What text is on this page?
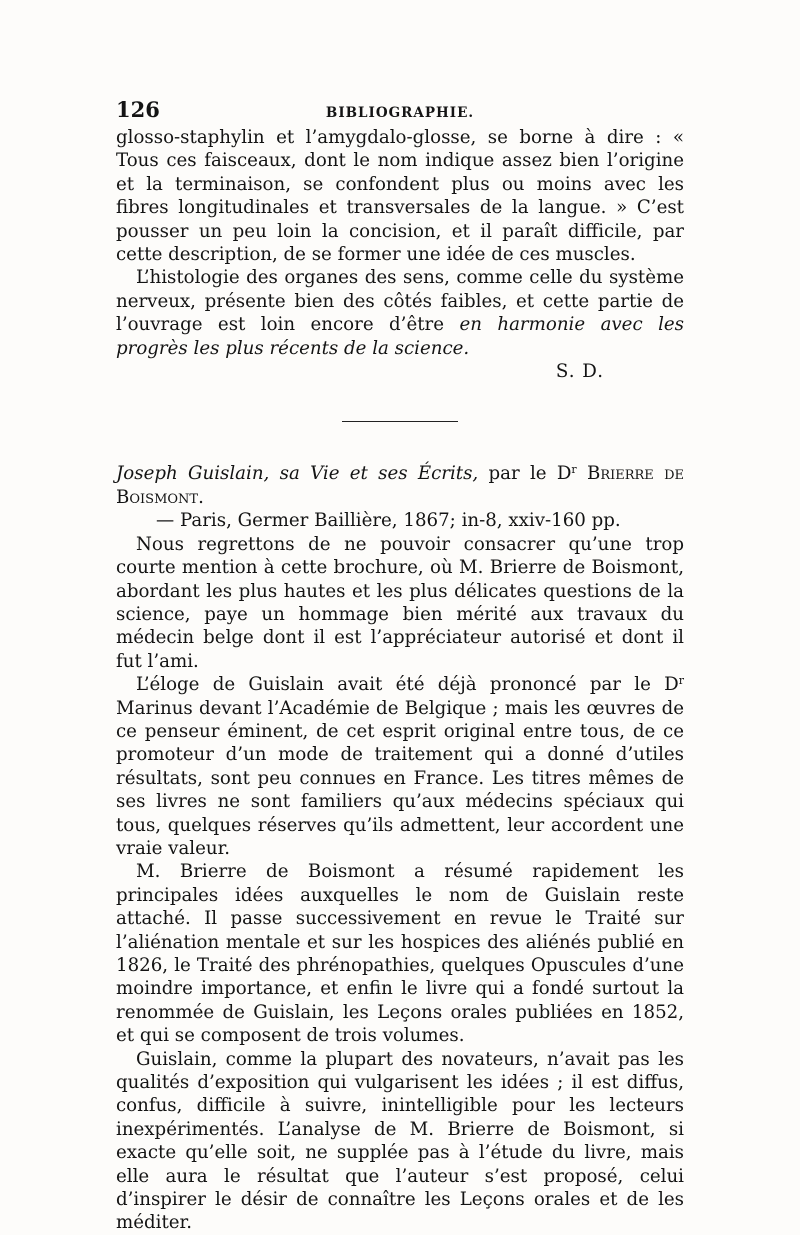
126	BIBLIOGRAPHIE.

glosso-staphylin et l’amygdalo-glosse, se borne à dire : « Tous ces faisceaux, dont le nom indique assez bien l’origine et la terminaison, se confondent plus ou moins avec les fibres longitudinales et transversales de la langue. » C’est pousser un peu loin la concision, et il paraît difficile, par cette description, de se former une idée de ces muscles.

L’histologie des organes des sens, comme celle du système nerveux, présente bien des côtés faibles, et cette partie de l’ouvrage est loin encore d’être en harmonie avec les progrès les plus récents de la science.

S. D.

Joseph Guislain, sa Vie et ses Écrits, par le $D^r$ Brierre de Boismont.

— Paris, Germer Baillière, 1867; in-8, xxiv-160 pp.

Nous regrettons de ne pouvoir consacrer qu’une trop courte mention à cette brochure, où M. Brierre de Boismont, abordant les plus hautes et les plus délicates questions de la science, paye un hommage bien mérité aux travaux du médecin belge dont il est l’appréciateur autorisé et dont il fut l’ami.

L’éloge de Guislain avait été déjà prononcé par le $D^r$ Marinus devant l’Académie de Belgique ; mais les œuvres de ce penseur éminent, de cet esprit original entre tous, de ce promoteur d’un mode de traitement qui a donné d’utiles résultats, sont peu connues en France. Les titres mêmes de ses livres ne sont familiers qu’aux médecins spéciaux qui tous, quelques réserves qu’ils admettent, leur accordent une vraie valeur.

M. Brierre de Boismont a résumé rapidement les principales idées auxquelles le nom de Guislain reste attaché. Il passe successivement en revue le Traité sur l’aliénation mentale et sur les hospices des aliénés publié en 1826, le Traité des phrénopathies, quelques Opuscules d’une moindre importance, et enfin le livre qui a fondé surtout la renommée de Guislain, les Leçons orales publiées en 1852, et qui se composent de trois volumes.

Guislain, comme la plupart des novateurs, n’avait pas les qualités d’exposition qui vulgarisent les idées ; il est diffus, confus, difficile à suivre, inintelligible pour les lecteurs inexpérimentés. L’analyse de M. Brierre de Boismont, si exacte qu’elle soit, ne supplée pas à l’étude du livre, mais elle aura le résultat que l’auteur s’est proposé, celui d’inspirer le désir de connaître les Leçons orales et de les méditer.
